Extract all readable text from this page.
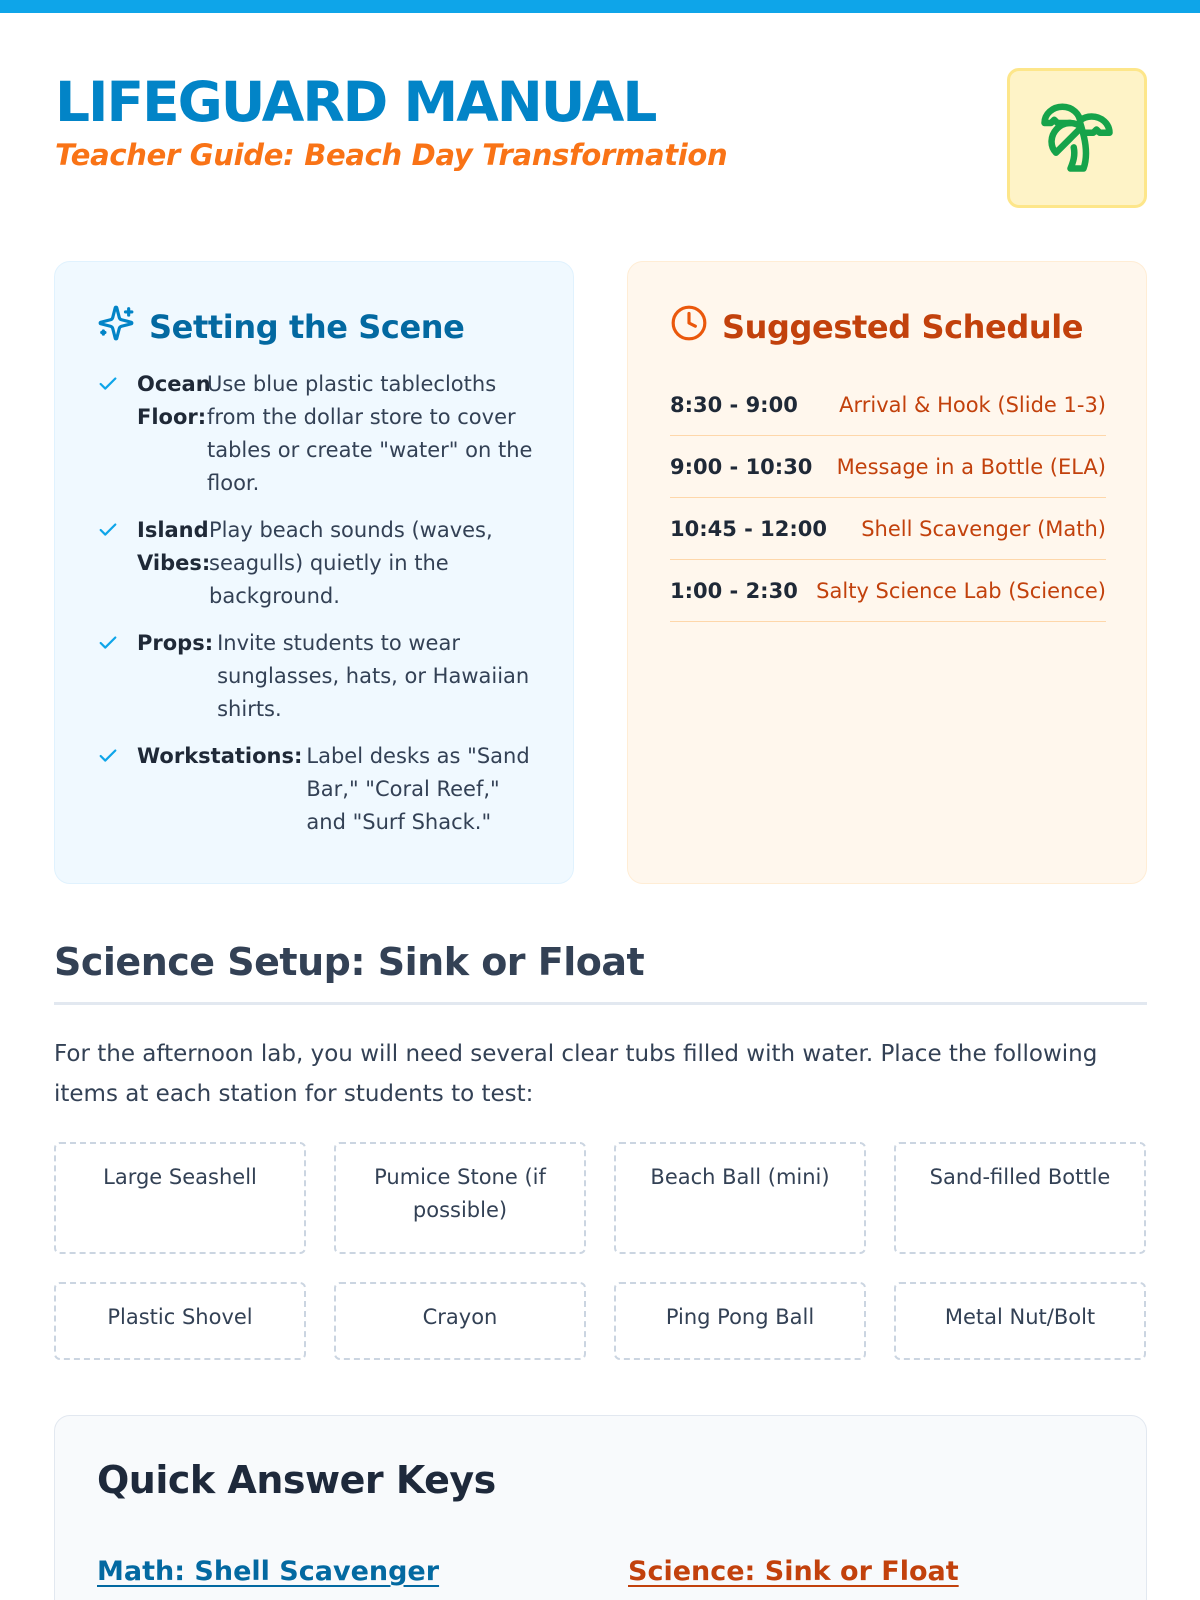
LIFEGUARD MANUAL
Teacher Guide: Beach Day Transformation
Setting the Scene
Ocean Floor:
Use blue plastic tablecloths from the dollar store to cover tables or create "water" on the floor.
Island Vibes:
Play beach sounds (waves, seagulls) quietly in the background.
Props: Invite students to wear sunglasses, hats, or Hawaiian shirts.
Workstations: Label desks as "Sand Bar," "Coral Reef," and "Surf Shack."
Suggested Schedule
8:30 - 9:00 Arrival & Hook (Slide 1-3)
9:00 - 10:30 Message in a Bottle (ELA)
10:45 - 12:00 Shell Scavenger (Math)
1:00 - 2:30 Salty Science Lab (Science)
Science Setup: Sink or Float

For the afternoon lab, you will need several clear tubs filled with water. Place the following items at each station for students to test:

Large Seashell	Pumice Stone (if possible)
Beach Ball (mini)	Sand-filled Bottle
Plastic Shovel	Crayon	Ping Pong Ball	Metal Nut/Bolt
Quick Answer Keys
Math: Shell Scavenger	Science: Sink or Float
